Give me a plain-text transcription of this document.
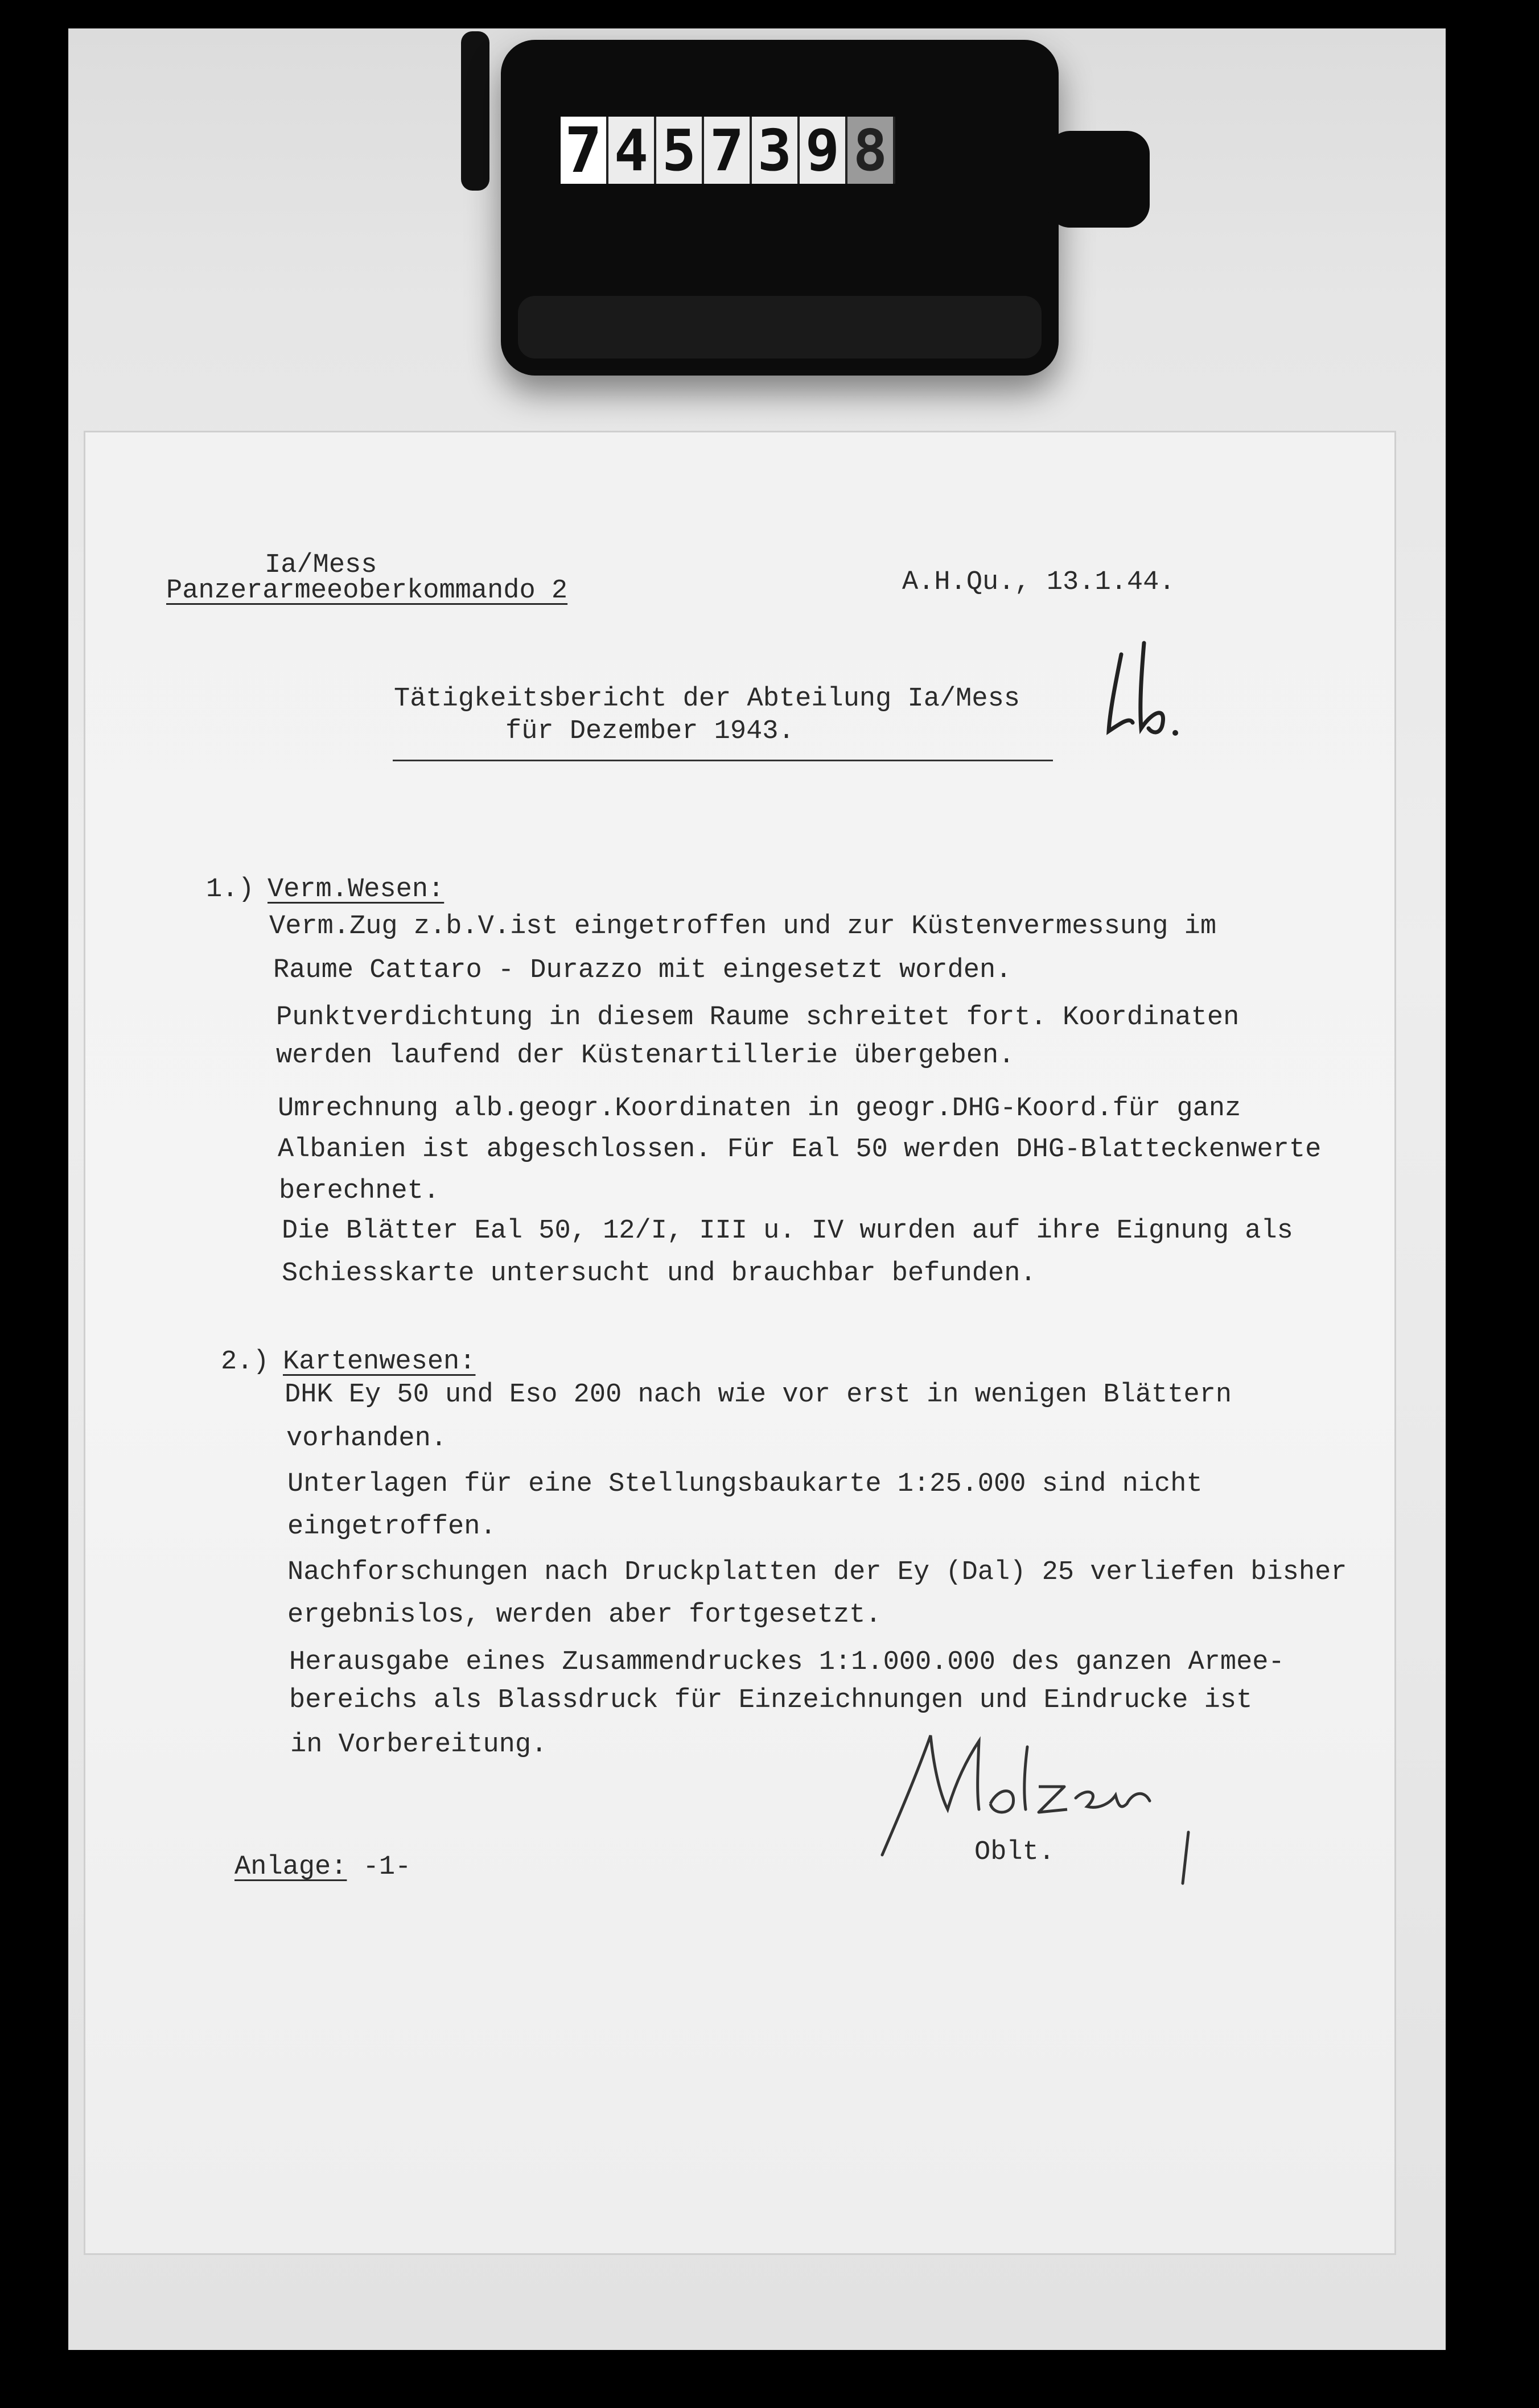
7 4 5 7 3 9 8
Ia/Mess
Panzerarmeeoberkommando 2	A.H.Qu., 13.1.44.
Tätigkeitsbericht der Abteilung Ia/Mess
für Dezember 1943.
1.) Verm.Wesen:
Verm.Zug z.b.V.ist eingetroffen und zur Küstenvermessung im
Raume Cattaro - Durazzo mit eingesetzt worden.
Punktverdichtung in diesem Raume schreitet fort. Koordinaten
werden laufend der Küstenartillerie übergeben.
Umrechnung alb.geogr.Koordinaten in geogr.DHG-Koord.für ganz
Albanien ist abgeschlossen. Für Eal 50 werden DHG-Blatteckenwerte
berechnet.
Die Blätter Eal 50, 12/I, III u. IV wurden auf ihre Eignung als
Schiesskarte untersucht und brauchbar befunden.
2.) Kartenwesen:
DHK Ey 50 und Eso 200 nach wie vor erst in wenigen Blättern
vorhanden.
Unterlagen für eine Stellungsbaukarte 1:25.000 sind nicht
eingetroffen.
Nachforschungen nach Druckplatten der Ey (Dal) 25 verliefen bisher
ergebnislos, werden aber fortgesetzt.
Herausgabe eines Zusammendruckes 1:1.000.000 des ganzen Armee-
bereichs als Blassdruck für Einzeichnungen und Eindrucke ist
in Vorbereitung.
Oblt.
Anlage: -1-
